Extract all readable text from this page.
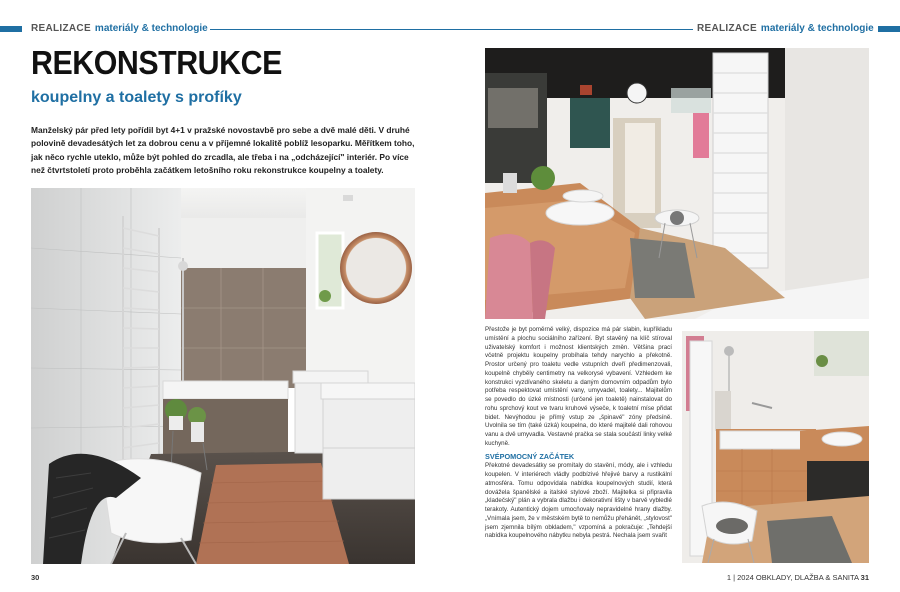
REALIZACE materiály & technologie	REALIZACE materiály & technologie
REKONSTRUKCE
koupelny a toalety s profíky
Manželský pár před lety pořídil byt 4+1 v pražské novostavbě pro sebe a dvě malé děti. V druhé polovině devadesátých let za dobrou cenu a v příjemné lokalitě poblíž lesoparku. Měřítkem toho, jak něco rychle uteklo, může být pohled do zrcadla, ale třeba i na „odcházející" interiér. Po více než čtvrtstoletí proto proběhla začátkem letošního roku rekonstrukce koupelny a toalety.

Přestože je byt poměrně velký, dispozice má pár slabin, kupříkladu umístění a plochu sociálního zařízení. Byt stavěný na klíč stíroval uživatelský komfort i možnost klientských změn. Většina prací včetně projektu koupelny probíhala tehdy narychlo a překotně. Prostor určený pro toaletu vedle vstupních dveří předimenzovali, koupelně chyběly centimetry na velkorysé vybavení. Vzhledem ke konstrukci vyzdívaného skeletu a daným domovním odpadům bylo potřeba respektovat umístění vany, umyvadel, toalety... Majitelům se povedlo do úzké místnosti (určené jen toaletě) nainstalovat do rohu sprchový kout ve tvaru kruhové výseče, k toaletní míse přidat bidet. Nevýhodou je přímý vstup ze „špinavé" zóny předsíně. Uvolnila se tím (také úzká) koupelna, do které majitelé dali rohovou vanu a dvě umyvadla. Vestavné pračka se stala součástí linky velké kuchyně.

SVÉPOMOCNÝ ZAČÁTEK

Překotné devadesátky se promítaly do stavění, módy, ale i vzhledu koupelen. V interiérech vládly podbízivé hřejivé barvy a rustikální atmosféra. Tomu odpovídala nabídka koupelnových studií, která dovážela španělské a italské stylové zboží. Majitelka si připravila „kladečský" plán a vybrala dlažbu i dekorativní lišty v barvě vybledlé terakoty. Autentický dojem umocňovaly nepravidelné hrany dlažby. „Vnímala jsem, že v městském bytě to nemůžu přehánět, „stylovost" jsem zjemnila bílým obkladem," vzpomíná a pokračuje: „Tehdejší nabídka koupelnového nábytku nebyla pestrá. Nechala jsem svařit

30	1 | 2024 OBKLADY, DLAŽBA & SANITA 31
